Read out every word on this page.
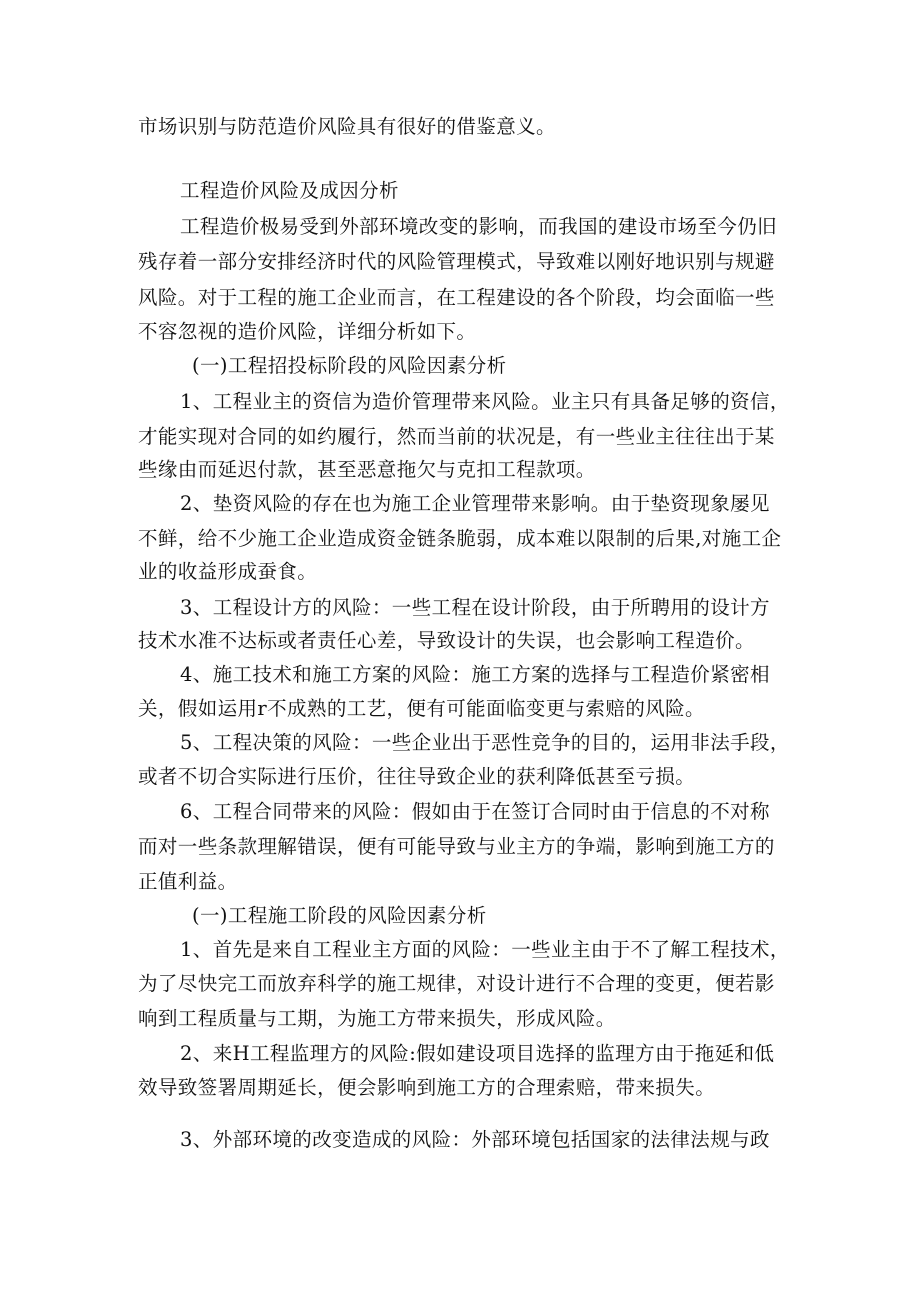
市场识别与防范造价风险具有很好的借鉴意义。
工程造价风险及成因分析
工程造价极易受到外部环境改变的影响，而我国的建设市场至今仍旧
残存着一部分安排经济时代的风险管理模式，导致难以刚好地识别与规避
风险。对于工程的施工企业而言，在工程建设的各个阶段，均会面临一些
不容忽视的造价风险，详细分析如下。
(一)工程招投标阶段的风险因素分析
1、工程业主的资信为造价管理带来风险。业主只有具备足够的资信，
才能实现对合同的如约履行，然而当前的状况是，有一些业主往往出于某
些缘由而延迟付款，甚至恶意拖欠与克扣工程款项。
2、垫资风险的存在也为施工企业管理带来影响。由于垫资现象屡见
不鲜，给不少施工企业造成资金链条脆弱，成本难以限制的后果,对施工企
业的收益形成蚕食。
3、工程设计方的风险：一些工程在设计阶段，由于所聘用的设计方
技术水准不达标或者责任心差，导致设计的失误，也会影响工程造价。
4、施工技术和施工方案的风险：施工方案的选择与工程造价紧密相
关，假如运用r不成熟的工艺，便有可能面临变更与索赔的风险。
5、工程决策的风险：一些企业出于恶性竞争的目的，运用非法手段，
或者不切合实际进行压价，往往导致企业的获利降低甚至亏损。
6、工程合同带来的风险：假如由于在签订合同时由于信息的不对称
而对一些条款理解错误，便有可能导致与业主方的争端，影响到施工方的
正值利益。
(一)工程施工阶段的风险因素分析
1、首先是来自工程业主方面的风险：一些业主由于不了解工程技术，
为了尽快完工而放弃科学的施工规律，对设计进行不合理的变更，便若影
响到工程质量与工期，为施工方带来损失，形成风险。
2、来H工程监理方的风险:假如建设项目选择的监理方由于拖延和低
效导致签署周期延长，便会影响到施工方的合理索赔，带来损失。
3、外部环境的改变造成的风险：外部环境包括国家的法律法规与政
